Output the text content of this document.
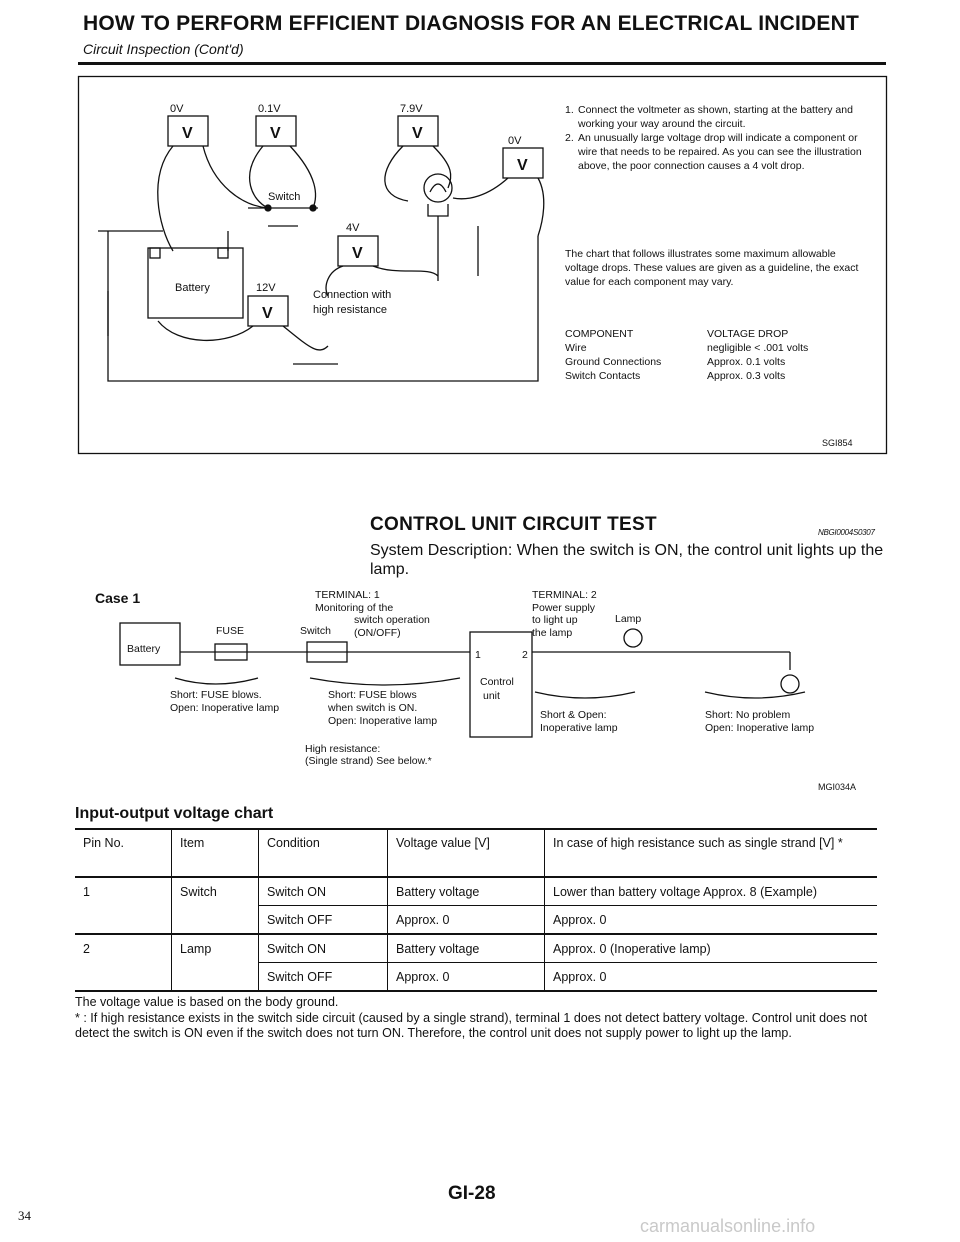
HOW TO PERFORM EFFICIENT DIAGNOSIS FOR AN ELECTRICAL INCIDENT
Circuit Inspection (Cont'd)
0V	0.1V	7.9V
0V
4V
12V
V	V	V
V
V
V
Switch
Battery
Connection with
high resistance
SGI854
1. Connect the voltmeter as shown, starting at the battery and working your way around the circuit.
2. An unusually large voltage drop will indicate a component or wire that needs to be repaired. As you can see the illustration above, the poor connection causes a 4 volt drop.
The chart that follows illustrates some maximum allowable voltage drops. These values are given as a guideline, the exact value for each component may vary.
COMPONENT	VOLTAGE DROP
Wire	negligible < .001 volts
Ground Connections	Approx. 0.1 volts
Switch Contacts	Approx. 0.3 volts
CONTROL UNIT CIRCUIT TEST	NBGI0004S0307
System Description: When the switch is ON, the control unit lights up the lamp.
Case 1
Battery
FUSE	Switch
1	2
Control
unit
Lamp
TERMINAL: 1
Monitoring of the
switch operation
(ON/OFF)
TERMINAL: 2
Power supply
to light up
the lamp
Short: FUSE blows.
Open: Inoperative lamp
Short: FUSE blows
when switch is ON.
Open: Inoperative lamp
High resistance:
(Single strand) See below.*
Short & Open:
Inoperative lamp
Short: No problem
Open: Inoperative lamp
MGI034A
Input-output voltage chart
Pin No.	Item	Condition	Voltage value [V]	In case of high resistance such as single strand [V] *
1	Switch	Switch ON	Battery voltage	Lower than battery voltage Approx. 8 (Example)
		Switch OFF	Approx. 0	Approx. 0
2	Lamp	Switch ON	Battery voltage	Approx. 0 (Inoperative lamp)
		Switch OFF	Approx. 0	Approx. 0
The voltage value is based on the body ground.
* : If high resistance exists in the switch side circuit (caused by a single strand), terminal 1 does not detect battery voltage. Control unit does not detect the switch is ON even if the switch does not turn ON. Therefore, the control unit does not supply power to light up the lamp.
GI-28
34
carmanualsonline.info
